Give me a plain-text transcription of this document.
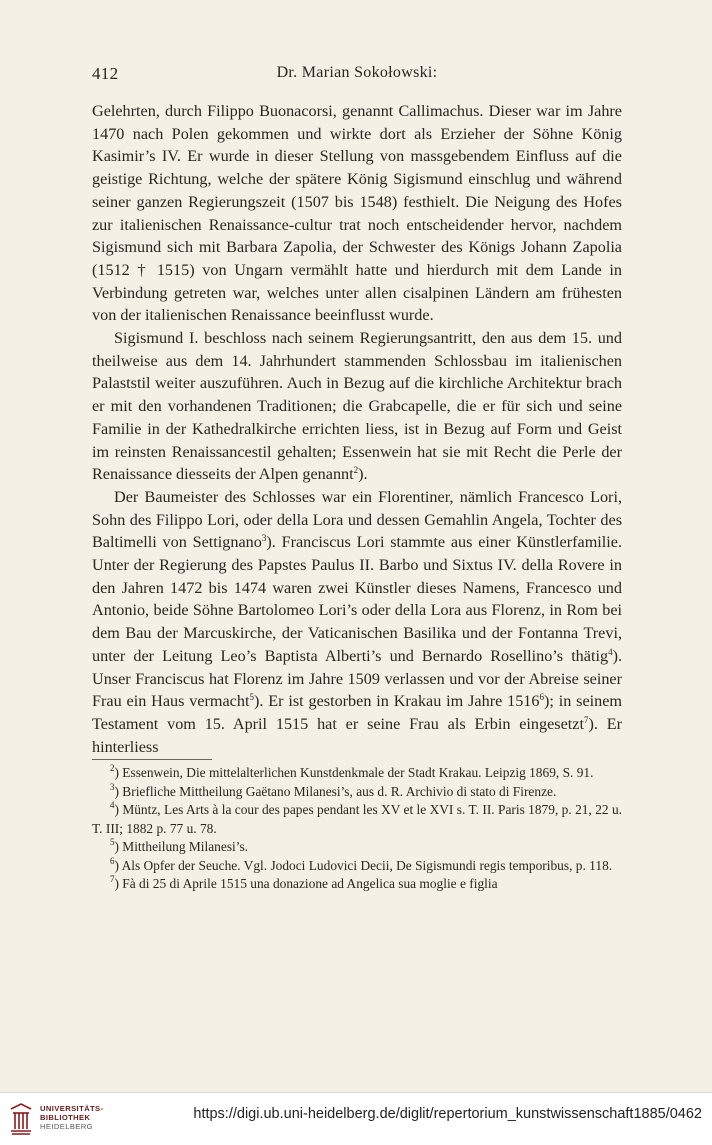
412	Dr. Marian Sokołowski:

Gelehrten, durch Filippo Buonacorsi, genannt Callimachus. Dieser war im Jahre 1470 nach Polen gekommen und wirkte dort als Erzieher der Söhne König Kasimir’s IV. Er wurde in dieser Stellung von massgebendem Einfluss auf die geistige Richtung, welche der spätere König Sigismund einschlug und während seiner ganzen Regierungszeit (1507 bis 1548) festhielt. Die Neigung des Hofes zur italienischen Renaissance-cultur trat noch entscheidender hervor, nachdem Sigismund sich mit Barbara Zapolia, der Schwester des Königs Johann Zapolia (1512 † 1515) von Ungarn vermählt hatte und hierdurch mit dem Lande in Verbindung getreten war, welches unter allen cisalpinen Ländern am frühesten von der italienischen Renaissance beeinflusst wurde.

Sigismund I. beschloss nach seinem Regierungsantritt, den aus dem 15. und theilweise aus dem 14. Jahrhundert stammenden Schlossbau im italienischen Palaststil weiter auszuführen. Auch in Bezug auf die kirchliche Architektur brach er mit den vorhandenen Traditionen; die Grabcapelle, die er für sich und seine Familie in der Kathedralkirche errichten liess, ist in Bezug auf Form und Geist im reinsten Renaissancestil gehalten; Essenwein hat sie mit Recht die Perle der Renaissance diesseits der Alpen genannt$^2$).

Der Baumeister des Schlosses war ein Florentiner, nämlich Francesco Lori, Sohn des Filippo Lori, oder della Lora und dessen Gemahlin Angela, Tochter des Baltimelli von Settignano$^3$). Franciscus Lori stammte aus einer Künstlerfamilie. Unter der Regierung des Papstes Paulus II. Barbo und Sixtus IV. della Rovere in den Jahren 1472 bis 1474 waren zwei Künstler dieses Namens, Francesco und Antonio, beide Söhne Bartolomeo Lori’s oder della Lora aus Florenz, in Rom bei dem Bau der Marcuskirche, der Vaticanischen Basilika und der Fontanna Trevi, unter der Leitung Leo’s Baptista Alberti’s und Bernardo Rosellino’s thätig$^4$). Unser Franciscus hat Florenz im Jahre 1509 verlassen und vor der Abreise seiner Frau ein Haus vermacht$^5$). Er ist gestorben in Krakau im Jahre 1516$^6$); in seinem Testament vom 15. April 1515 hat er seine Frau als Erbin eingesetzt$^7$). Er hinterliess

$^2$) Essenwein, Die mittelalterlichen Kunstdenkmale der Stadt Krakau. Leipzig 1869, S. 91.

$^3$) Briefliche Mittheilung Gaëtano Milanesi’s, aus d. R. Archivio di stato di Firenze.

$^4$) Müntz, Les Arts à la cour des papes pendant les XV et le XVI s. T. II. Paris 1879, p. 21, 22 u. T. III; 1882 p. 77 u. 78.

$^5$) Mittheilung Milanesi’s.

$^6$) Als Opfer der Seuche. Vgl. Jodoci Ludovici Decii, De Sigismundi regis temporibus, p. 118.

$^7$) Fà di 25 di Aprile 1515 una donazione ad Angelica sua moglie e figlia

UNIVERSITÄTS-
BIBLIOTHEK
HEIDELBERG
https://digi.ub.uni-heidelberg.de/diglit/repertorium_kunstwissenschaft1885/0462
